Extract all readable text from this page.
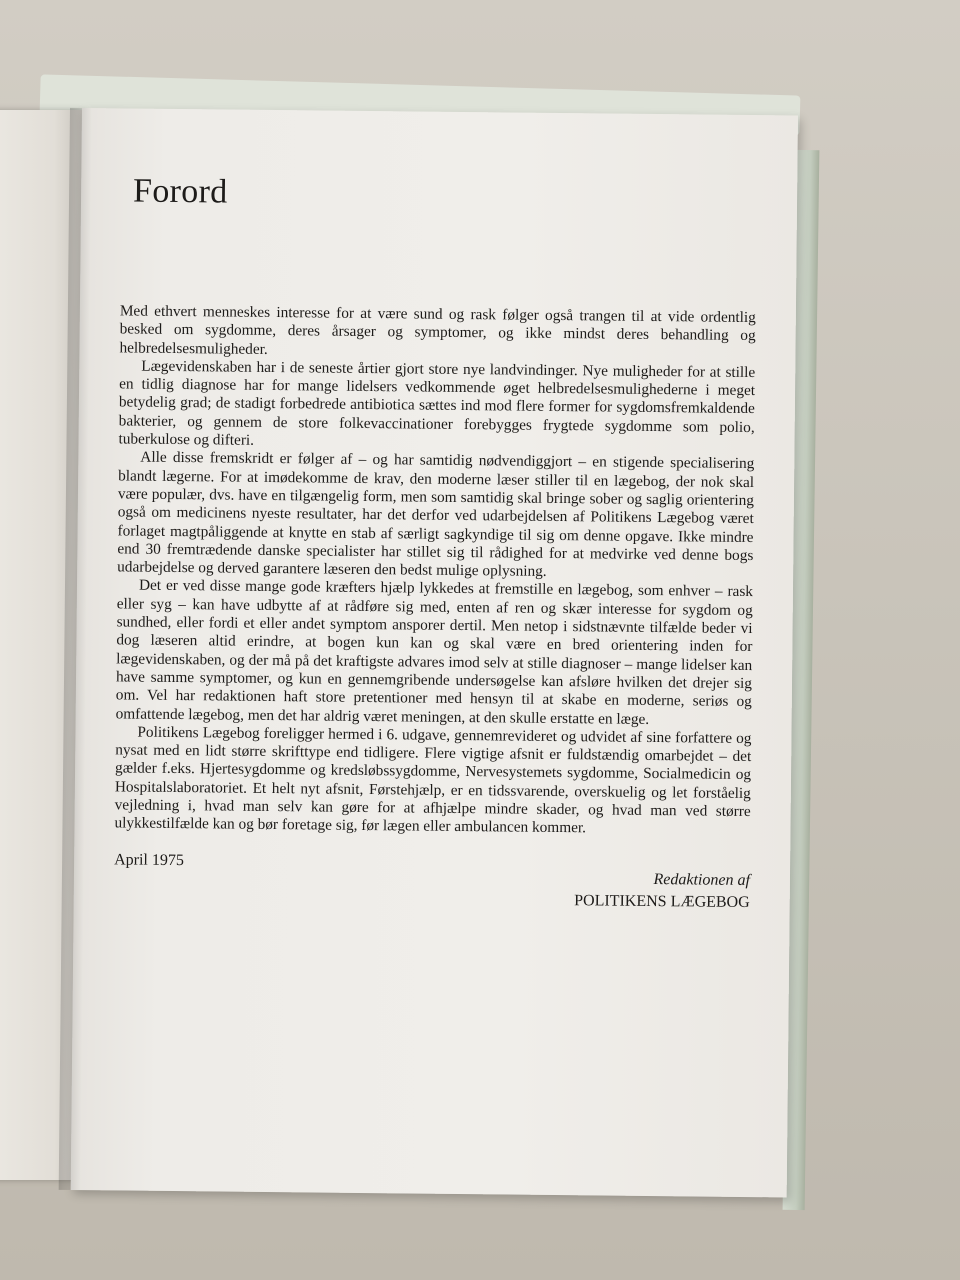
Forord

Med ethvert menneskes interesse for at være sund og rask følger også trangen til at vide ordentlig besked om sygdomme, deres årsager og symptomer, og ikke mindst deres behandling og helbredelsesmuligheder.

Lægevidenskaben har i de seneste årtier gjort store nye landvindinger. Nye muligheder for at stille en tidlig diagnose har for mange lidelsers vedkommende øget helbredelsesmulighederne i meget betydelig grad; de stadigt forbedrede antibiotica sættes ind mod flere former for sygdomsfremkaldende bakterier, og gennem de store folkevaccinationer forebygges frygtede sygdomme som polio, tuberkulose og difteri.

Alle disse fremskridt er følger af – og har samtidig nødvendiggjort – en stigende specialisering blandt lægerne. For at imødekomme de krav, den moderne læser stiller til en lægebog, der nok skal være populær, dvs. have en tilgængelig form, men som samtidig skal bringe sober og saglig orientering også om medicinens nyeste resultater, har det derfor ved udarbejdelsen af Politikens Lægebog været forlaget magtpåliggende at knytte en stab af særligt sagkyndige til sig om denne opgave. Ikke mindre end 30 fremtrædende danske specialister har stillet sig til rådighed for at medvirke ved denne bogs udarbejdelse og derved garantere læseren den bedst mulige oplysning.

Det er ved disse mange gode kræfters hjælp lykkedes at fremstille en lægebog, som enhver – rask eller syg – kan have udbytte af at rådføre sig med, enten af ren og skær interesse for sygdom og sundhed, eller fordi et eller andet symptom ansporer dertil. Men netop i sidstnævnte tilfælde beder vi dog læseren altid erindre, at bogen kun kan og skal være en bred orientering inden for lægevidenskaben, og der må på det kraftigste advares imod selv at stille diagnoser – mange lidelser kan have samme symptomer, og kun en gennemgribende undersøgelse kan afsløre hvilken det drejer sig om. Vel har redaktionen haft store pretentioner med hensyn til at skabe en moderne, seriøs og omfattende lægebog, men det har aldrig været meningen, at den skulle erstatte en læge.

Politikens Lægebog foreligger hermed i 6. udgave, gennemrevideret og udvidet af sine forfattere og nysat med en lidt større skrifttype end tidligere. Flere vigtige afsnit er fuldstændig omarbejdet – det gælder f.eks. Hjertesygdomme og kredsløbssygdomme, Nervesystemets sygdomme, Socialmedicin og Hospitalslaboratoriet. Et helt nyt afsnit, Førstehjælp, er en tidssvarende, overskuelig og let forståelig vejledning i, hvad man selv kan gøre for at afhjælpe mindre skader, og hvad man ved større ulykkestilfælde kan og bør foretage sig, før lægen eller ambulancen kommer.

April 1975
Redaktionen af
POLITIKENS LÆGEBOG
